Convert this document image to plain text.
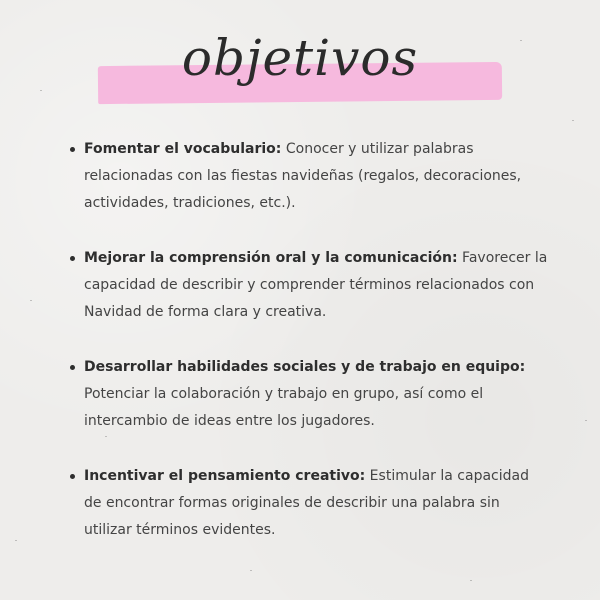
objetivos
Fomentar el vocabulario: Conocer y utilizar palabras relacionadas con las fiestas navideñas (regalos, decoraciones, actividades, tradiciones, etc.).
Mejorar la comprensión oral y la comunicación: Favorecer la capacidad de describir y comprender términos relacionados con Navidad de forma clara y creativa.
Desarrollar habilidades sociales y de trabajo en equipo: Potenciar la colaboración y trabajo en grupo, así como el intercambio de ideas entre los jugadores.
Incentivar el pensamiento creativo: Estimular la capacidad de encontrar formas originales de describir una palabra sin utilizar términos evidentes.
